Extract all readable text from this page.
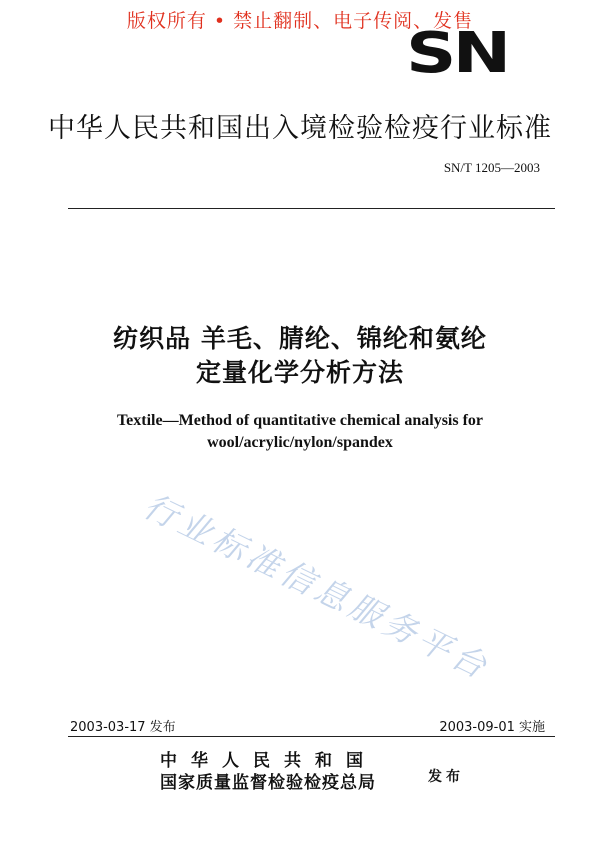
版权所有 • 禁止翻制、电子传阅、发售
SN
中华人民共和国出入境检验检疫行业标准
SN/T 1205—2003
纺织品 羊毛、腈纶、锦纶和氨纶
定量化学分析方法
Textile—Method of quantitative chemical analysis for
wool/acrylic/nylon/spandex
行业标准信息服务平台
2003-03-17 发布	2003-09-01 实施
中华人民共和国
国家质量监督检验检疫总局	发布
